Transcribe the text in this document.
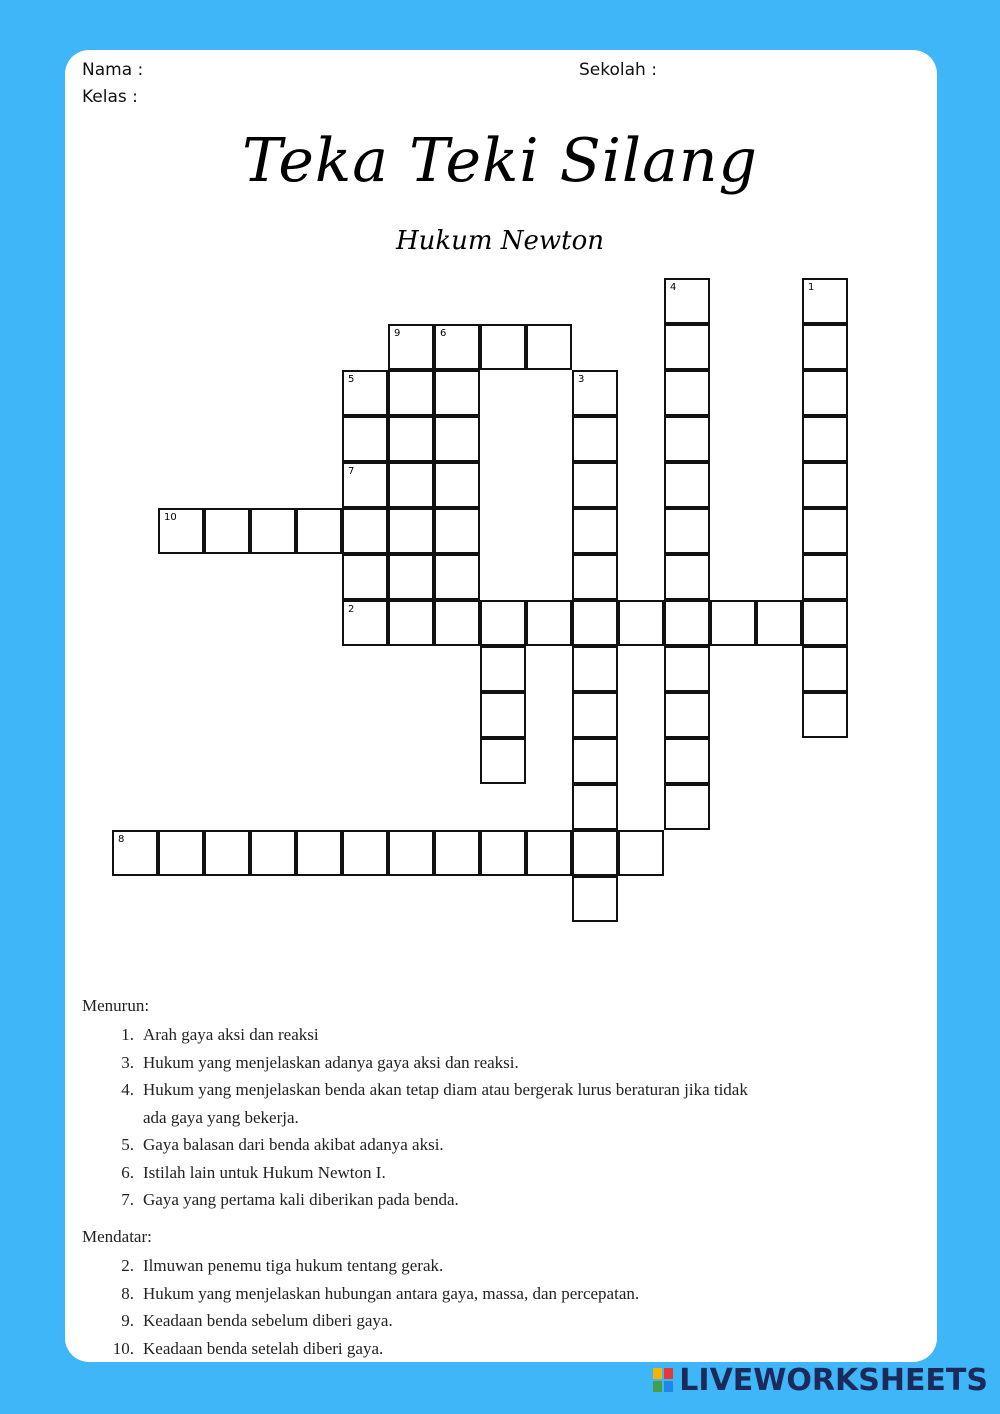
Nama :
Kelas :
Sekolah :
Teka Teki Silang
Hukum Newton
1
2
3
4
5
7
6
8
9
10
Menurun:
1. Arah gaya aksi dan reaksi
3. Hukum yang menjelaskan adanya gaya aksi dan reaksi.
4. Hukum yang menjelaskan benda akan tetap diam atau bergerak lurus beraturan jika tidak
ada gaya yang bekerja.
5. Gaya balasan dari benda akibat adanya aksi.
6. Istilah lain untuk Hukum Newton I.
7. Gaya yang pertama kali diberikan pada benda.
Mendatar:
2. Ilmuwan penemu tiga hukum tentang gerak.
8. Hukum yang menjelaskan hubungan antara gaya, massa, dan percepatan.
9. Keadaan benda sebelum diberi gaya.
10. Keadaan benda setelah diberi gaya.
LIVEWORKSHEETS
